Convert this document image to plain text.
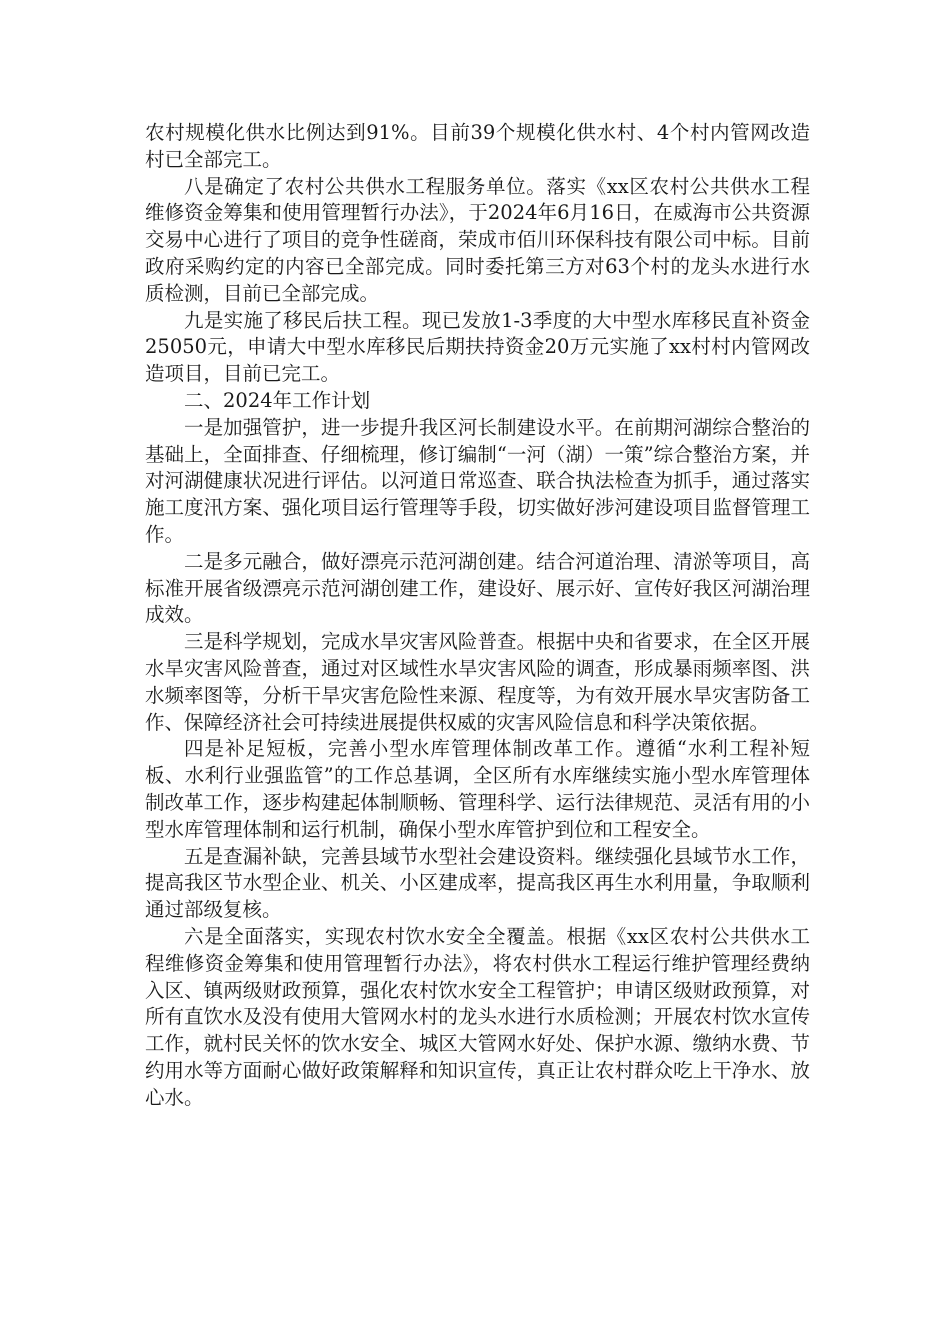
农村规模化供水比例达到91%。目前39个规模化供水村、4个村内管网改造村已全部完工。

八是确定了农村公共供水工程服务单位。落实《xx区农村公共供水工程维修资金筹集和使用管理暂行办法》，于2024年6月16日，在威海市公共资源交易中心进行了项目的竞争性磋商，荣成市佰川环保科技有限公司中标。目前政府采购约定的内容已全部完成。同时委托第三方对63个村的龙头水进行水质检测，目前已全部完成。

九是实施了移民后扶工程。现已发放1-3季度的大中型水库移民直补资金25050元，申请大中型水库移民后期扶持资金20万元实施了xx村村内管网改造项目，目前已完工。

二、2024年工作计划

一是加强管护，进一步提升我区河长制建设水平。在前期河湖综合整治的基础上，全面排查、仔细梳理，修订编制“一河（湖）一策”综合整治方案，并对河湖健康状况进行评估。以河道日常巡查、联合执法检查为抓手，通过落实施工度汛方案、强化项目运行管理等手段，切实做好涉河建设项目监督管理工作。

二是多元融合，做好漂亮示范河湖创建。结合河道治理、清淤等项目，高标准开展省级漂亮示范河湖创建工作，建设好、展示好、宣传好我区河湖治理成效。

三是科学规划，完成水旱灾害风险普查。根据中央和省要求，在全区开展水旱灾害风险普查，通过对区域性水旱灾害风险的调查，形成暴雨频率图、洪水频率图等，分析干旱灾害危险性来源、程度等，为有效开展水旱灾害防备工作、保障经济社会可持续进展提供权威的灾害风险信息和科学决策依据。

四是补足短板，完善小型水库管理体制改革工作。遵循“水利工程补短板、水利行业强监管”的工作总基调，全区所有水库继续实施小型水库管理体制改革工作，逐步构建起体制顺畅、管理科学、运行法律规范、灵活有用的小型水库管理体制和运行机制，确保小型水库管护到位和工程安全。

五是查漏补缺，完善县域节水型社会建设资料。继续强化县域节水工作，提高我区节水型企业、机关、小区建成率，提高我区再生水利用量，争取顺利通过部级复核。

六是全面落实，实现农村饮水安全全覆盖。根据《xx区农村公共供水工程维修资金筹集和使用管理暂行办法》，将农村供水工程运行维护管理经费纳入区、镇两级财政预算，强化农村饮水安全工程管护；申请区级财政预算，对所有直饮水及没有使用大管网水村的龙头水进行水质检测；开展农村饮水宣传工作，就村民关怀的饮水安全、城区大管网水好处、保护水源、缴纳水费、节约用水等方面耐心做好政策解释和知识宣传，真正让农村群众吃上干净水、放心水。
